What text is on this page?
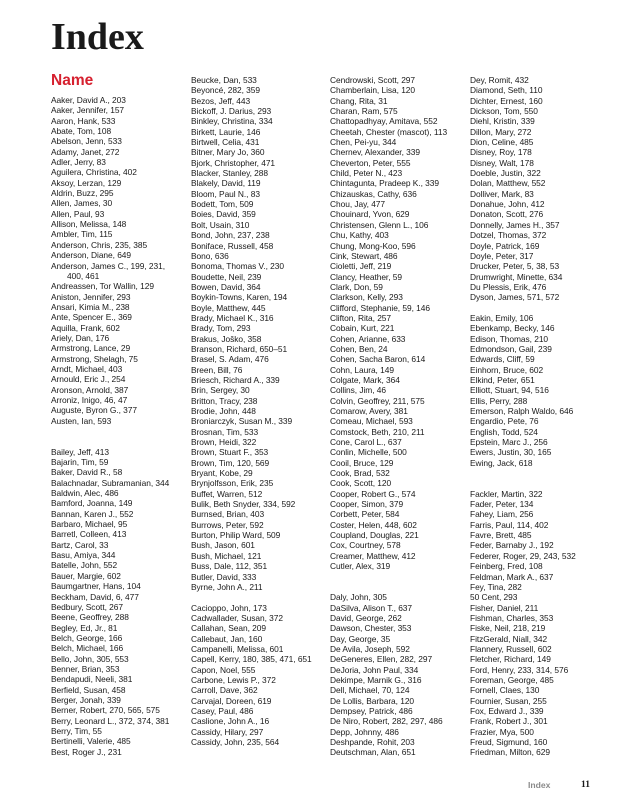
Index
Name
Aaker, David A., 203
Aaker, Jennifer, 157
Aaron, Hank, 533
Abate, Tom, 108
Abelson, Jenn, 533
Adamy, Janet, 272
Adler, Jerry, 83
Aguilera, Christina, 402
Aksoy, Lerzan, 129
Aldrin, Buzz, 295
Allen, James, 30
Allen, Paul, 93
Allison, Melissa, 148
Ambler, Tim, 115
Anderson, Chris, 235, 385
Anderson, Diane, 649
Anderson, James C., 199, 231,
400, 461
Andreassen, Tor Wallin, 129
Aniston, Jennifer, 293
Ansari, Kimia M., 238
Ante, Spencer E., 369
Aquilla, Frank, 602
Ariely, Dan, 176
Armstrong, Lance, 29
Armstrong, Shelagh, 75
Arndt, Michael, 403
Arnould, Eric J., 254
Aronson, Arnold, 387
Arroniz, Inigo, 46, 47
Auguste, Byron G., 377
Austen, Ian, 593
Bailey, Jeff, 413
Bajarin, Tim, 59
Baker, David R., 58
Balachnadar, Subramanian, 344
Baldwin, Alec, 486
Bamford, Joanna, 149
Bannan, Karen J., 552
Barbaro, Michael, 95
Barretl, Colleen, 413
Bartz, Carol, 33
Basu, Amiya, 344
Batelle, John, 552
Bauer, Margie, 602
Baumgartner, Hans, 104
Beckham, David, 6, 477
Bedbury, Scott, 267
Beene, Geoffrey, 288
Begley, Ed, Jr., 81
Belch, George, 166
Belch, Michael, 166
Bello, John, 305, 553
Benner, Brian, 353
Bendapudi, Neeli, 381
Berfield, Susan, 458
Berger, Jonah, 339
Berner, Robert, 270, 565, 575
Berry, Leonard L., 372, 374, 381
Berry, Tim, 55
Bertinelli, Valerie, 485
Best, Roger J., 231
Beucke, Dan, 533
Beyoncé, 282, 359
Bezos, Jeff, 443
Bickoff, J. Darius, 293
Binkley, Christina, 334
Birkett, Laurie, 146
Birtwell, Celia, 431
Bitner, Mary Jo, 360
Bjork, Christopher, 471
Blacker, Stanley, 288
Blakely, David, 119
Bloom, Paul N., 83
Bodett, Tom, 509
Boies, David, 359
Bolt, Usain, 310
Bond, John, 237, 238
Boniface, Russell, 458
Bono, 636
Bonoma, Thomas V., 230
Boudette, Neil, 239
Bowen, David, 364
Boykin-Towns, Karen, 194
Boyle, Matthew, 445
Brady, Michael K., 316
Brady, Tom, 293
Brakus, Joško, 358
Branson, Richard, 650–51
Brasel, S. Adam, 476
Breen, Bill, 76
Briesch, Richard A., 339
Brin, Sergey, 30
Britton, Tracy, 238
Brodie, John, 448
Broniarczyk, Susan M., 339
Brosnan, Tim, 533
Brown, Heidi, 322
Brown, Stuart F., 353
Brown, Tim, 120, 569
Bryant, Kobe, 29
Brynjolfsson, Erik, 235
Buffet, Warren, 512
Bulik, Beth Snyder, 334, 592
Burnsed, Brian, 403
Burrows, Peter, 592
Burton, Philip Ward, 509
Bush, Jason, 601
Bush, Michael, 121
Buss, Dale, 112, 351
Butler, David, 333
Byrne, John A., 211
Cacioppo, John, 173
Cadwallader, Susan, 372
Callahan, Sean, 209
Callebaut, Jan, 160
Campanelli, Melissa, 601
Capell, Kerry, 180, 385, 471, 651
Capon, Noel, 555
Carbone, Lewis P., 372
Carroll, Dave, 362
Carvajal, Doreen, 619
Casey, Paul, 486
Caslione, John A., 16
Cassidy, Hilary, 297
Cassidy, John, 235, 564
Cendrowski, Scott, 297
Chamberlain, Lisa, 120
Chang, Rita, 31
Charan, Ram, 575
Chattopadhyay, Amitava, 552
Cheetah, Chester (mascot), 113
Chen, Pei-yu, 344
Chernev, Alexander, 339
Cheverton, Peter, 555
Child, Peter N., 423
Chintagunta, Pradeep K., 339
Chizauskas, Cathy, 636
Chou, Jay, 477
Chouinard, Yvon, 629
Christensen, Glenn L., 106
Chu, Kathy, 403
Chung, Mong-Koo, 596
Cink, Stewart, 486
Cioletti, Jeff, 219
Clancy, Heather, 59
Clark, Don, 59
Clarkson, Kelly, 293
Clifford, Stephanie, 59, 146
Clifton, Rita, 257
Cobain, Kurt, 221
Cohen, Arianne, 633
Cohen, Ben, 24
Cohen, Sacha Baron, 614
Cohn, Laura, 149
Colgate, Mark, 364
Collins, Jim, 46
Colvin, Geoffrey, 211, 575
Comarow, Avery, 381
Comeau, Michael, 593
Comstock, Beth, 210, 211
Cone, Carol L., 637
Conlin, Michelle, 500
Cooil, Bruce, 129
Cook, Brad, 532
Cook, Scott, 120
Cooper, Robert G., 574
Cooper, Simon, 379
Corbett, Peter, 584
Coster, Helen, 448, 602
Coupland, Douglas, 221
Cox, Courtney, 578
Creamer, Matthew, 412
Cutler, Alex, 319
Daly, John, 305
DaSilva, Alison T., 637
David, George, 262
Dawson, Chester, 353
Day, George, 35
De Avila, Joseph, 592
DeGeneres, Ellen, 282, 297
DeJoria, John Paul, 334
Dekimpe, Marnik G., 316
Dell, Michael, 70, 124
De Lollis, Barbara, 120
Dempsey, Patrick, 486
De Niro, Robert, 282, 297, 486
Depp, Johnny, 486
Deshpande, Rohit, 203
Deutschman, Alan, 651
Dey, Romit, 432
Diamond, Seth, 110
Dichter, Ernest, 160
Dickson, Tom, 550
Diehl, Kristin, 339
Dillon, Mary, 272
Dion, Celine, 485
Disney, Roy, 178
Disney, Walt, 178
Doeble, Justin, 322
Dolan, Matthew, 552
Dolliver, Mark, 83
Donahue, John, 412
Donaton, Scott, 276
Donnelly, James H., 357
Dotzel, Thomas, 372
Doyle, Patrick, 169
Doyle, Peter, 317
Drucker, Peter, 5, 38, 53
Drumwright, Minette, 634
Du Plessis, Erik, 476
Dyson, James, 571, 572
Eakin, Emily, 106
Ebenkamp, Becky, 146
Edison, Thomas, 210
Edmondson, Gail, 239
Edwards, Cliff, 59
Einhorn, Bruce, 602
Elkind, Peter, 651
Elliott, Stuart, 94, 516
Ellis, Perry, 288
Emerson, Ralph Waldo, 646
Engardio, Pete, 76
English, Todd, 524
Epstein, Marc J., 256
Ewers, Justin, 30, 165
Ewing, Jack, 618
Fackler, Martin, 322
Fader, Peter, 134
Fahey, Liam, 256
Farris, Paul, 114, 402
Favre, Brett, 485
Feder, Barnaby J., 192
Federer, Roger, 29, 243, 532
Feinberg, Fred, 108
Feldman, Mark A., 637
Fey, Tina, 282
50 Cent, 293
Fisher, Daniel, 211
Fishman, Charles, 353
Fiske, Neil, 218, 219
FitzGerald, Niall, 342
Flannery, Russell, 602
Fletcher, Richard, 149
Ford, Henry, 233, 314, 576
Foreman, George, 485
Fornell, Claes, 130
Fournier, Susan, 255
Fox, Edward J., 339
Frank, Robert J., 301
Frazier, Mya, 500
Freud, Sigmund, 160
Friedman, Milton, 629
Index	11
